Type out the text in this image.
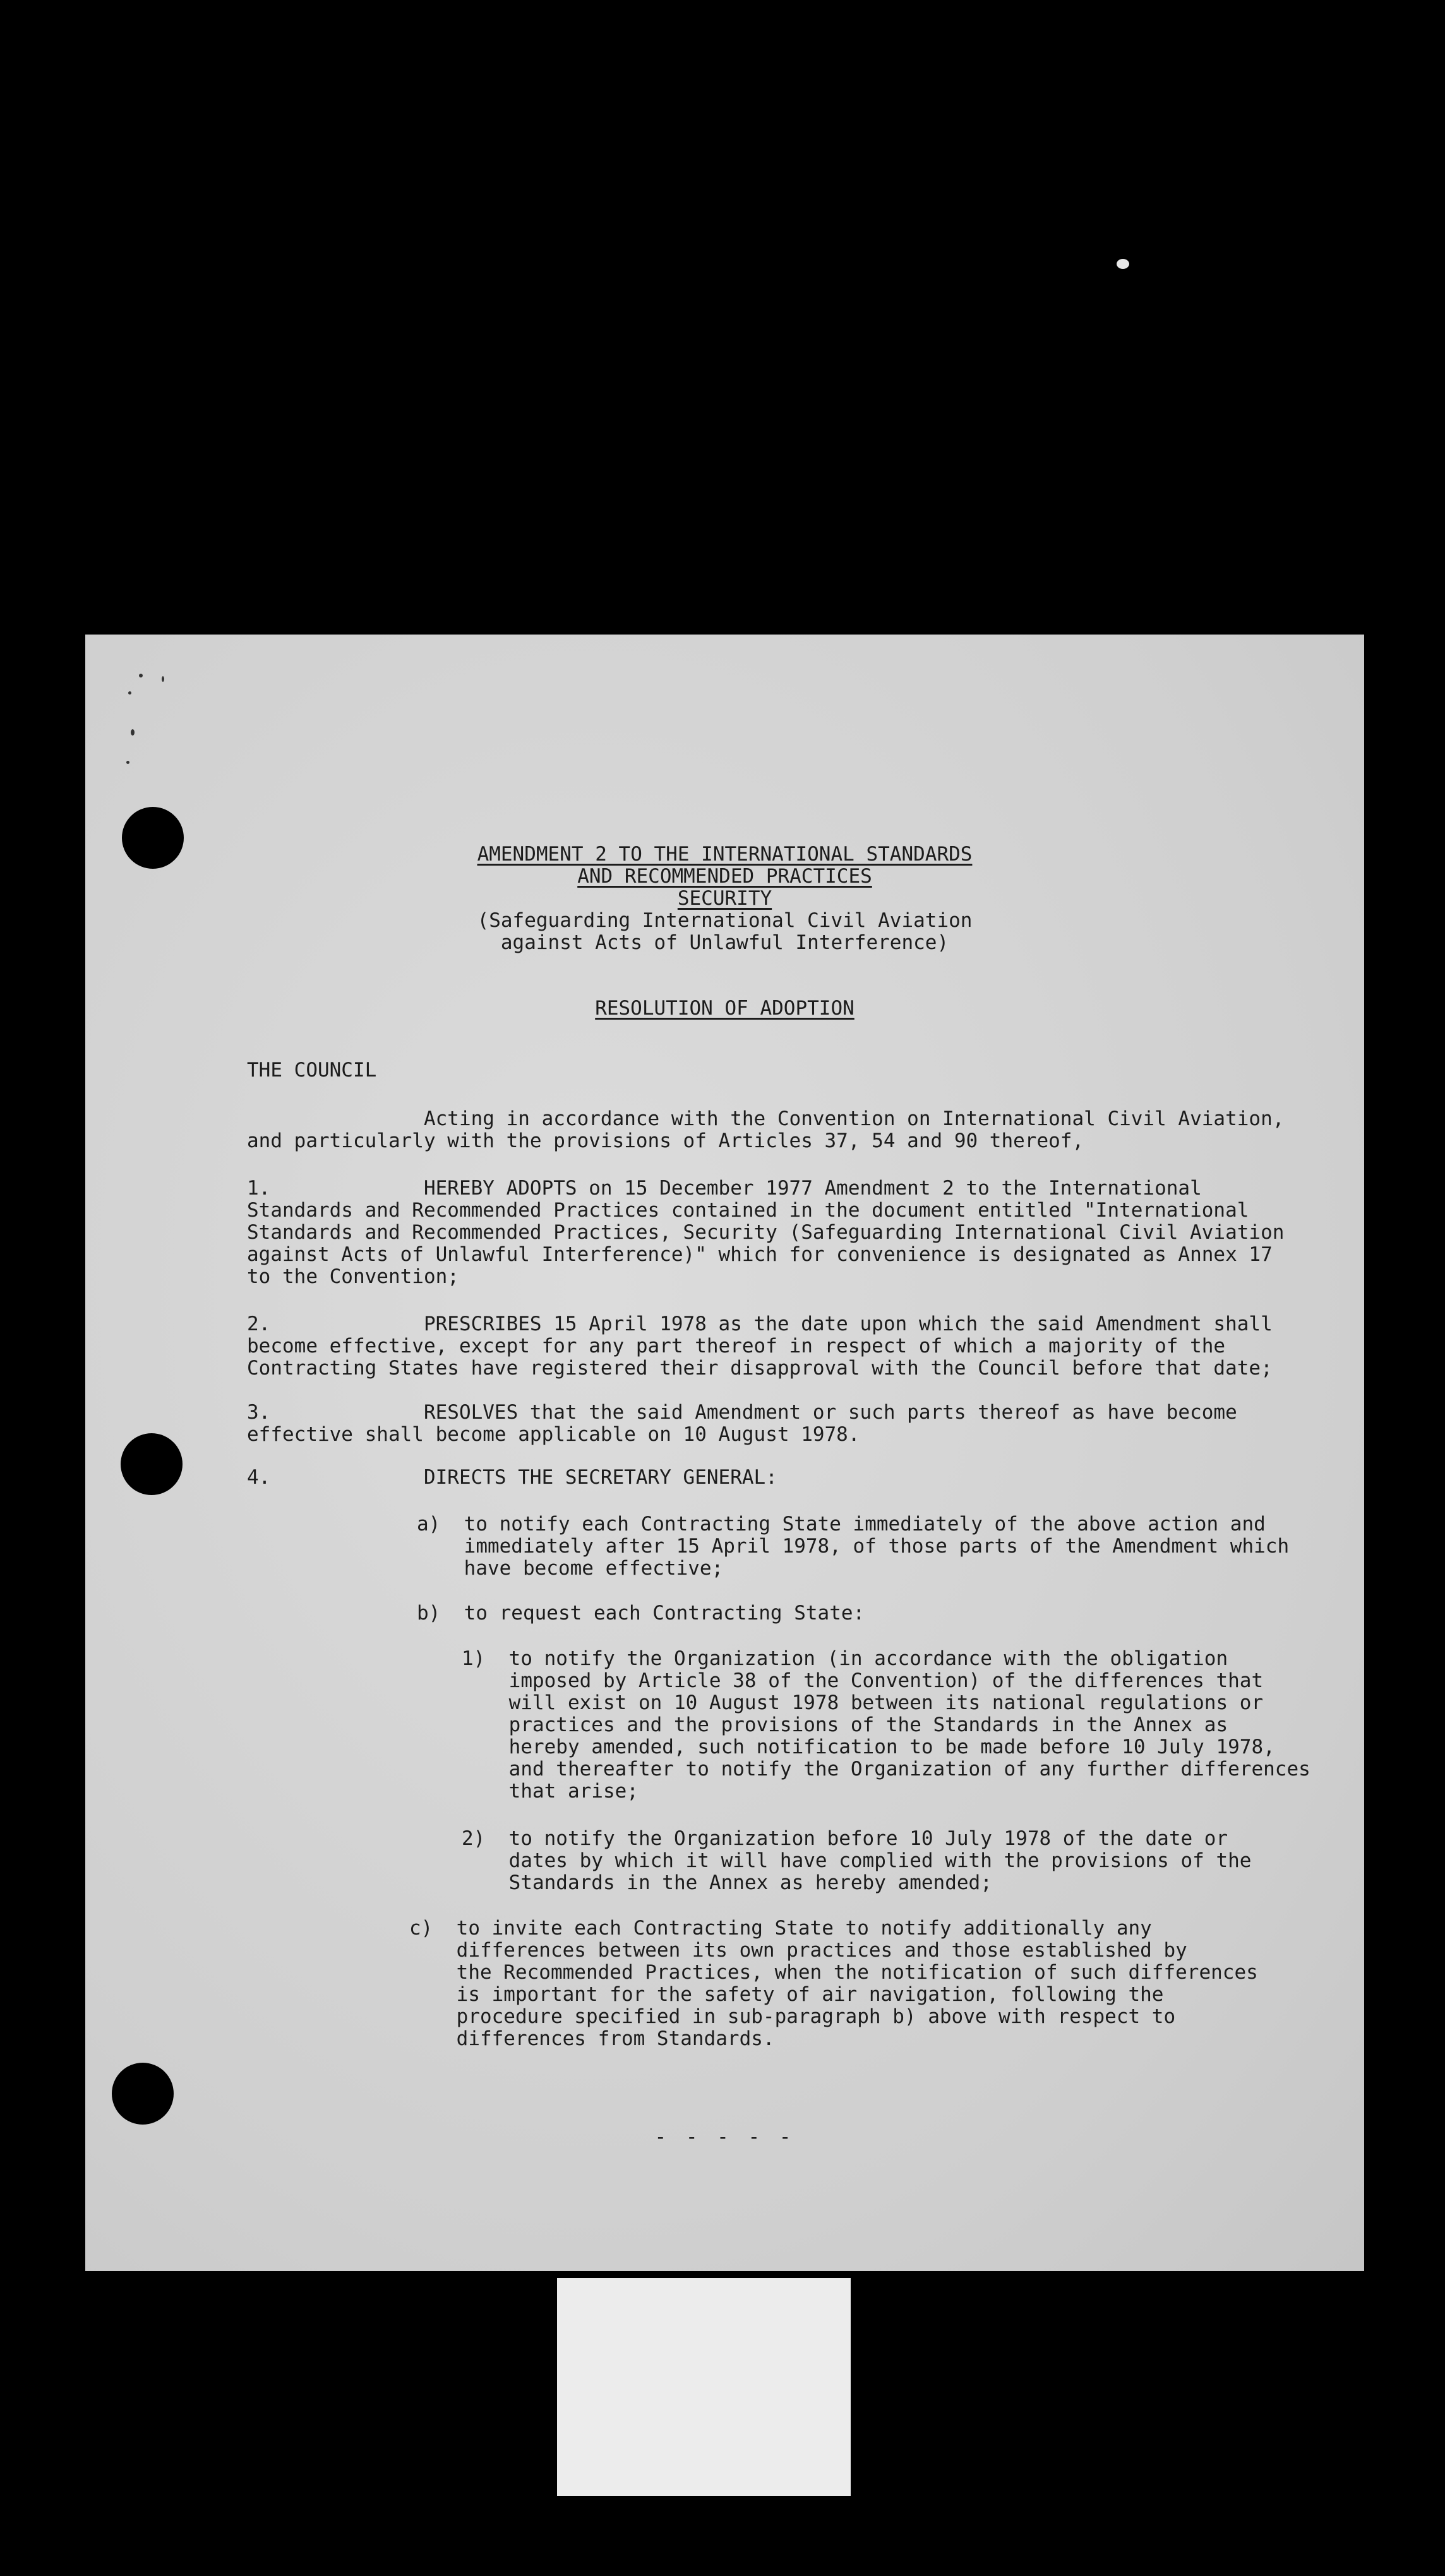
AMENDMENT 2 TO THE INTERNATIONAL STANDARDS
AND RECOMMENDED PRACTICES
SECURITY
(Safeguarding International Civil Aviation
against Acts of Unlawful Interference)
RESOLUTION OF ADOPTION
THE COUNCIL
Acting in accordance with the Convention on International Civil Aviation,
and particularly with the provisions of Articles 37, 54 and 90 thereof,
1.             HEREBY ADOPTS on 15 December 1977 Amendment 2 to the International
Standards and Recommended Practices contained in the document entitled "International
Standards and Recommended Practices, Security (Safeguarding International Civil Aviation
against Acts of Unlawful Interference)" which for convenience is designated as Annex 17
to the Convention;
2.             PRESCRIBES 15 April 1978 as the date upon which the said Amendment shall
become effective, except for any part thereof in respect of which a majority of the
Contracting States have registered their disapproval with the Council before that date;
3.             RESOLVES that the said Amendment or such parts thereof as have become
effective shall become applicable on 10 August 1978.
4.             DIRECTS THE SECRETARY GENERAL:
a)  to notify each Contracting State immediately of the above action and
immediately after 15 April 1978, of those parts of the Amendment which
have become effective;
b)  to request each Contracting State:
1)  to notify the Organization (in accordance with the obligation
imposed by Article 38 of the Convention) of the differences that
will exist on 10 August 1978 between its national regulations or
practices and the provisions of the Standards in the Annex as
hereby amended, such notification to be made before 10 July 1978,
and thereafter to notify the Organization of any further differences
that arise;
2)  to notify the Organization before 10 July 1978 of the date or
dates by which it will have complied with the provisions of the
Standards in the Annex as hereby amended;
c)  to invite each Contracting State to notify additionally any
differences between its own practices and those established by
the Recommended Practices, when the notification of such differences
is important for the safety of air navigation, following the
procedure specified in sub-paragraph b) above with respect to
differences from Standards.
- - - - -
